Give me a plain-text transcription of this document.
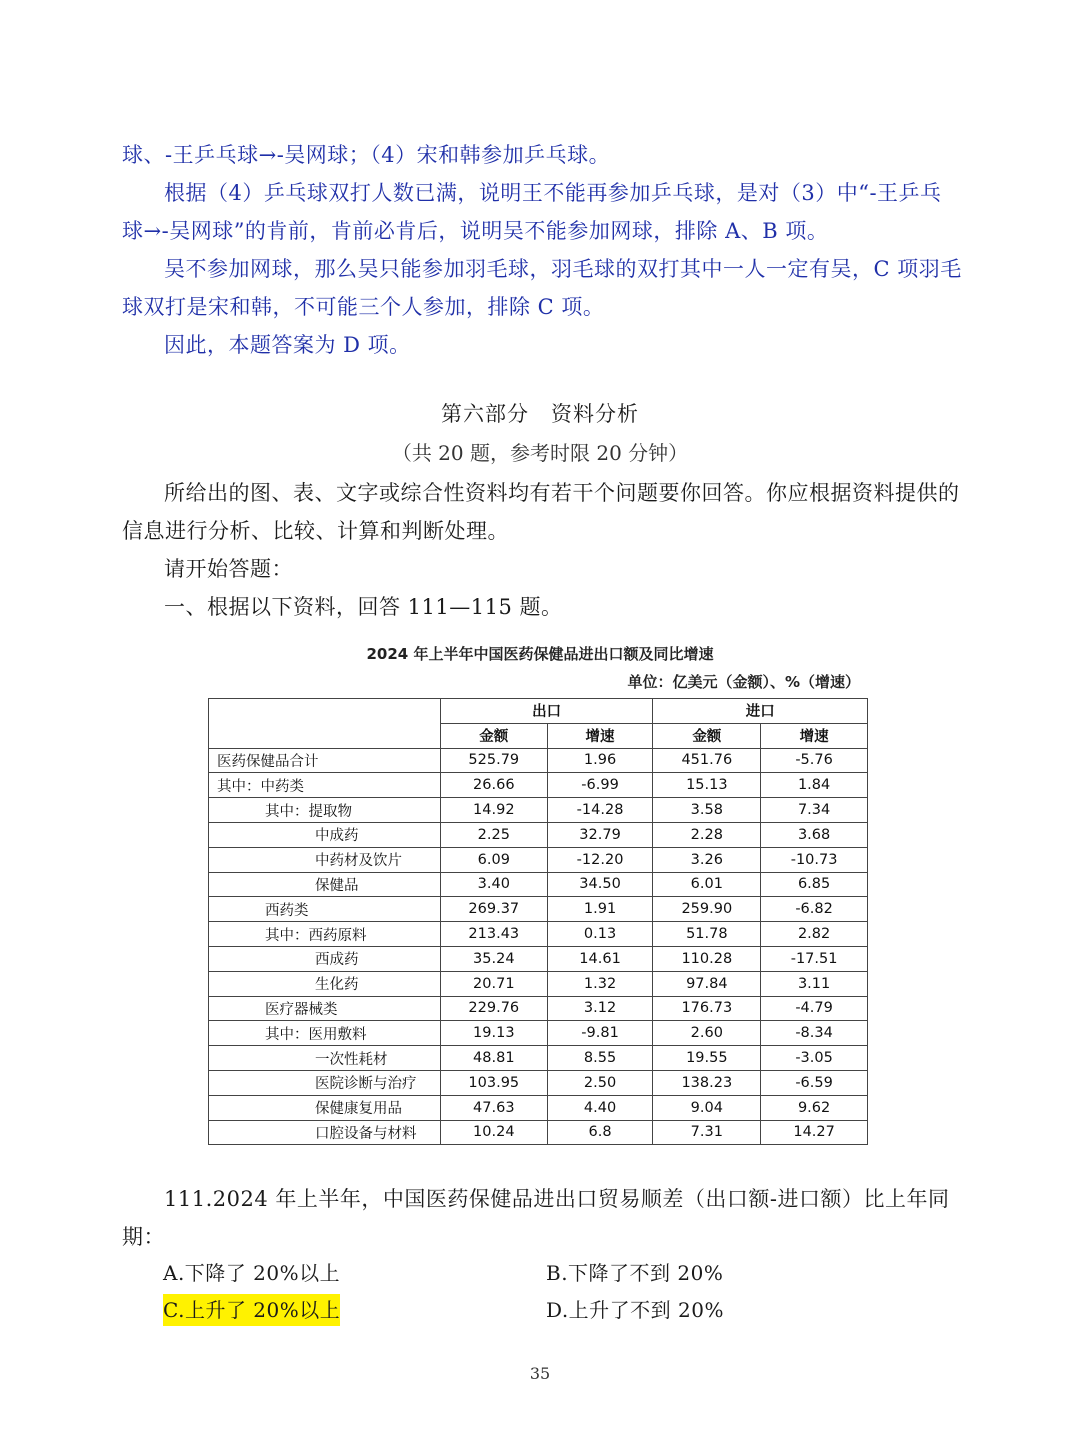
球、-王乒乓球→-吴网球；（4）宋和韩参加乒乓球。

根据（4）乒乓球双打人数已满，说明王不能再参加乒乓球，是对（3）中“-王乒乓球→-吴网球”的肯前，肯前必肯后，说明吴不能参加网球，排除 A、B 项。

吴不参加网球，那么吴只能参加羽毛球，羽毛球的双打其中一人一定有吴，C 项羽毛球双打是宋和韩，不可能三个人参加，排除 C 项。

因此，本题答案为 D 项。

第六部分　资料分析

（共 20 题，参考时限 20 分钟）

所给出的图、表、文字或综合性资料均有若干个问题要你回答。你应根据资料提供的信息进行分析、比较、计算和判断处理。

请开始答题：

一、根据以下资料，回答 111—115 题。

2024 年上半年中国医药保健品进出口额及同比增速

单位：亿美元（金额）、%（增速）
	出口		进口	
	金额	增速	金额	增速
医药保健品合计	525.79	1.96	451.76	-5.76
其中：中药类	26.66	-6.99	15.13	1.84
其中：提取物	14.92	-14.28	3.58	7.34
中成药	2.25	32.79	2.28	3.68
中药材及饮片	6.09	-12.20	3.26	-10.73
保健品	3.40	34.50	6.01	6.85
西药类	269.37	1.91	259.90	-6.82
其中：西药原料	213.43	0.13	51.78	2.82
西成药	35.24	14.61	110.28	-17.51
生化药	20.71	1.32	97.84	3.11
医疗器械类	229.76	3.12	176.73	-4.79
其中：医用敷料	19.13	-9.81	2.60	-8.34
一次性耗材	48.81	8.55	19.55	-3.05
医院诊断与治疗	103.95	2.50	138.23	-6.59
保健康复用品	47.63	4.40	9.04	9.62
口腔设备与材料	10.24	6.8	7.31	14.27

111.2024 年上半年，中国医药保健品进出口贸易顺差（出口额-进口额）比上年同期：

A.下降了 20%以上	B.下降了不到 20%

C.上升了 20%以上	D.上升了不到 20%

35
